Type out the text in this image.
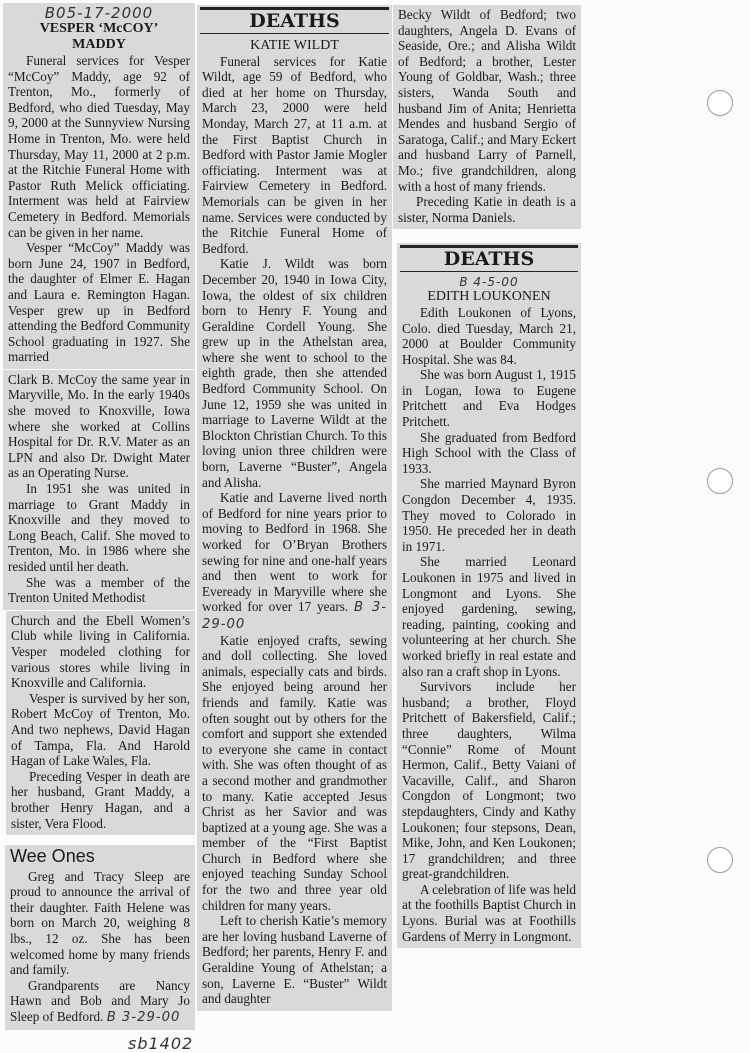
B05-17-2000
VESPER ‘McCOY’
MADDY

Funeral services for Vesper “McCoy” Maddy, age 92 of Trenton, Mo., formerly of Bedford, who died Tuesday, May 9, 2000 at the Sunnyview Nursing Home in Trenton, Mo. were held Thursday, May 11, 2000 at 2 p.m. at the Ritchie Funeral Home with Pastor Ruth Melick officiating. Interment was held at Fairview Cemetery in Bedford. Memorials can be given in her name.

Vesper “McCoy” Maddy was born June 24, 1907 in Bedford, the daughter of Elmer E. Hagan and Laura e. Remington Hagan. Vesper grew up in Bedford attending the Bedford Community School graduating in 1927. She married

Clark B. McCoy the same year in Maryville, Mo. In the early 1940s she moved to Knoxville, Iowa where she worked at Collins Hospital for Dr. R.V. Mater as an LPN and also Dr. Dwight Mater as an Operating Nurse.

In 1951 she was united in marriage to Grant Maddy in Knoxville and they moved to Long Beach, Calif. She moved to Trenton, Mo. in 1986 where she resided until her death.

She was a member of the Trenton United Methodist

Church and the Ebell Women’s Club while living in California. Vesper modeled clothing for various stores while living in Knoxville and California.

Vesper is survived by her son, Robert McCoy of Trenton, Mo. And two nephews, David Hagan of Tampa, Fla. And Harold Hagan of Lake Wales, Fla.

Preceding Vesper in death are her husband, Grant Maddy, a brother Henry Hagan, and a sister, Vera Flood.

Wee Ones

Greg and Tracy Sleep are proud to announce the arrival of their daughter. Faith Helene was born on March 20, weighing 8 lbs., 12 oz. She has been welcomed home by many friends and family.

Grandparents are Nancy Hawn and Bob and Mary Jo Sleep of Bedford. B 3-29-00

sb1402
DEATHS
KATIE WILDT

Funeral services for Katie Wildt, age 59 of Bedford, who died at her home on Thursday, March 23, 2000 were held Monday, March 27, at 11 a.m. at the First Baptist Church in Bedford with Pastor Jamie Mogler officiating. Interment was at Fairview Cemetery in Bedford. Memorials can be given in her name. Services were conducted by the Ritchie Funeral Home of Bedford.

Katie J. Wildt was born December 20, 1940 in Iowa City, Iowa, the oldest of six children born to Henry F. Young and Geraldine Cordell Young. She grew up in the Athelstan area, where she went to school to the eighth grade, then she attended Bedford Community School. On June 12, 1959 she was united in marriage to Laverne Wildt at the Blockton Christian Church. To this loving union three children were born, Laverne “Buster”, Angela and Alisha.

Katie and Laverne lived north of Bedford for nine years prior to moving to Bedford in 1968. She worked for O’Bryan Brothers sewing for nine and one-half years and then went to work for Eveready in Maryville where she worked for over 17 years. B 3-29-00

Katie enjoyed crafts, sewing and doll collecting. She loved animals, especially cats and birds. She enjoyed being around her friends and family. Katie was often sought out by others for the comfort and support she extended to everyone she came in contact with. She was often thought of as a second mother and grandmother to many. Katie accepted Jesus Christ as her Savior and was baptized at a young age. She was a member of the “First Baptist Church in Bedford where she enjoyed teaching Sunday School for the two and three year old children for many years.

Left to cherish Katie’s memory are her loving husband Laverne of Bedford; her parents, Henry F. and Geraldine Young of Athelstan; a son, Laverne E. “Buster” Wildt and daughter

Becky Wildt of Bedford; two daughters, Angela D. Evans of Seaside, Ore.; and Alisha Wildt of Bedford; a brother, Lester Young of Goldbar, Wash.; three sisters, Wanda South and husband Jim of Anita; Henrietta Mendes and husband Sergio of Saratoga, Calif.; and Mary Eckert and husband Larry of Parnell, Mo.; five grandchildren, along with a host of many friends.

Preceding Katie in death is a sister, Norma Daniels.

DEATHS
B 4-5-00
EDITH LOUKONEN

Edith Loukonen of Lyons, Colo. died Tuesday, March 21, 2000 at Boulder Community Hospital. She was 84.

She was born August 1, 1915 in Logan, Iowa to Eugene Pritchett and Eva Hodges Pritchett.

She graduated from Bedford High School with the Class of 1933.

She married Maynard Byron Congdon December 4, 1935. They moved to Colorado in 1950. He preceded her in death in 1971.

She married Leonard Loukonen in 1975 and lived in Longmont and Lyons. She enjoyed gardening, sewing, reading, painting, cooking and volunteering at her church. She worked briefly in real estate and also ran a craft shop in Lyons.

Survivors include her husband; a brother, Floyd Pritchett of Bakersfield, Calif.; three daughters, Wilma “Connie” Rome of Mount Hermon, Calif., Betty Vaiani of Vacaville, Calif., and Sharon Congdon of Longmont; two stepdaughters, Cindy and Kathy Loukonen; four stepsons, Dean, Mike, John, and Ken Loukonen; 17 grandchildren; and three great-grandchildren.

A celebration of life was held at the foothills Baptist Church in Lyons. Burial was at Foothills Gardens of Merry in Longmont.
